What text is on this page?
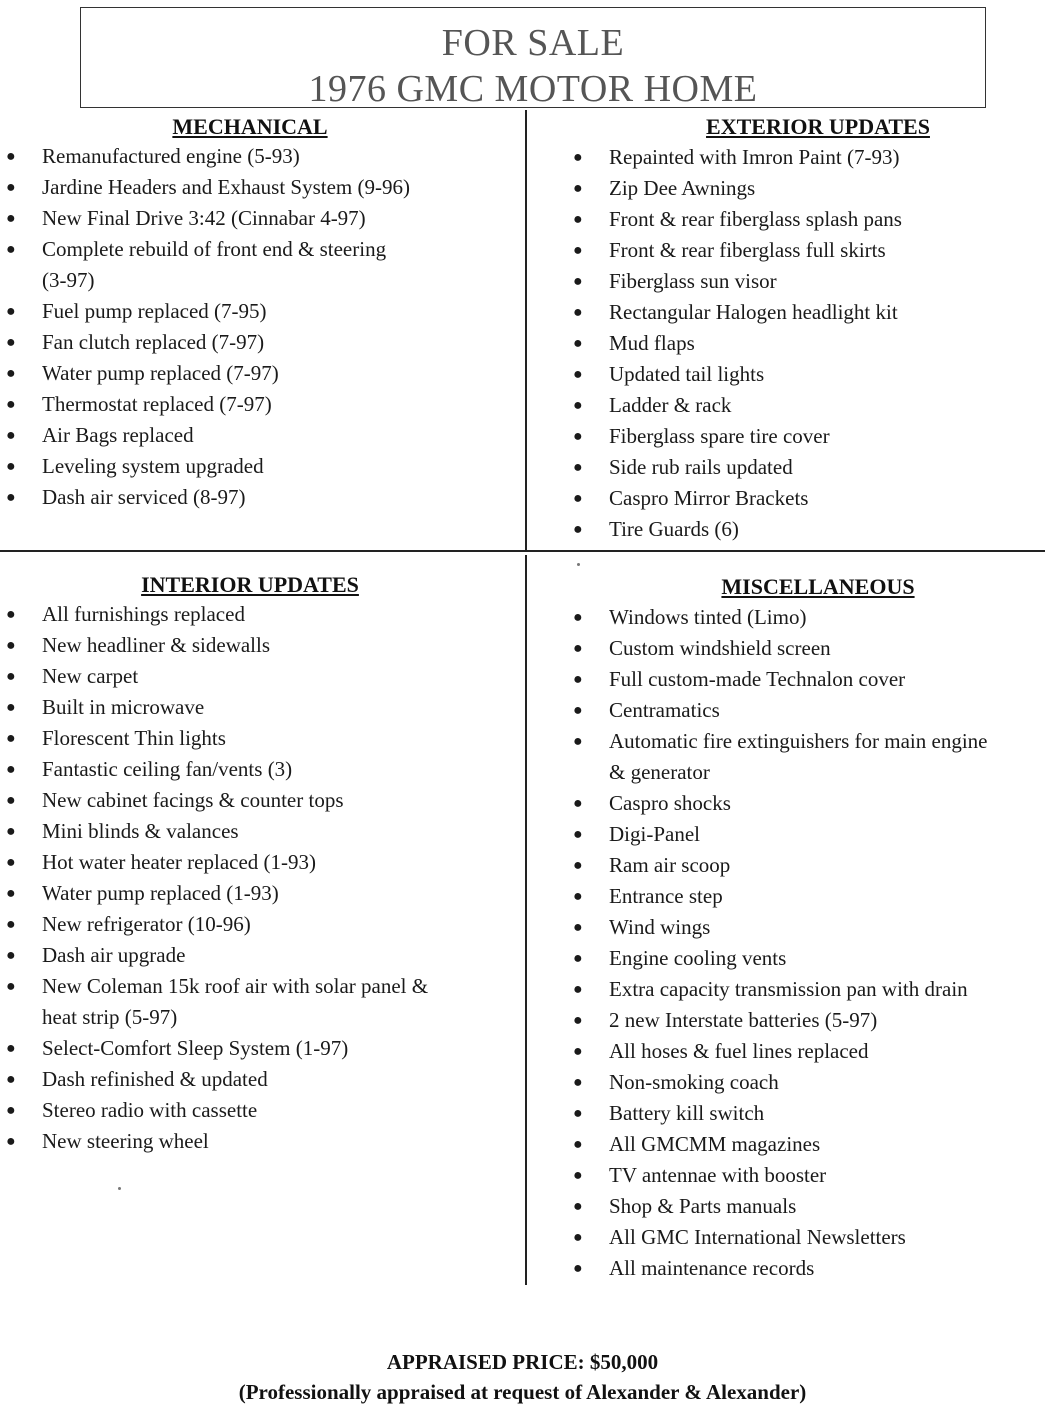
FOR SALE
1976 GMC MOTOR HOME
MECHANICAL
● Remanufactured engine (5-93)
● Jardine Headers and Exhaust System (9-96)
● New Final Drive 3:42 (Cinnabar 4-97)
● Complete rebuild of front end & steering
(3-97)
● Fuel pump replaced (7-95)
● Fan clutch replaced (7-97)
● Water pump replaced (7-97)
● Thermostat replaced (7-97)
● Air Bags replaced
● Leveling system upgraded
● Dash air serviced (8-97)
EXTERIOR UPDATES
● Repainted with Imron Paint (7-93)
● Zip Dee Awnings
● Front & rear fiberglass splash pans
● Front & rear fiberglass full skirts
● Fiberglass sun visor
● Rectangular Halogen headlight kit
● Mud flaps
● Updated tail lights
● Ladder & rack
● Fiberglass spare tire cover
● Side rub rails updated
● Caspro Mirror Brackets
● Tire Guards (6)
INTERIOR UPDATES
● All furnishings replaced
● New headliner & sidewalls
● New carpet
● Built in microwave
● Florescent Thin lights
● Fantastic ceiling fan/vents (3)
● New cabinet facings & counter tops
● Mini blinds & valances
● Hot water heater replaced (1-93)
● Water pump replaced (1-93)
● New refrigerator (10-96)
● Dash air upgrade
● New Coleman 15k roof air with solar panel &
heat strip (5-97)
● Select-Comfort Sleep System (1-97)
● Dash refinished & updated
● Stereo radio with cassette
● New steering wheel
MISCELLANEOUS
● Windows tinted (Limo)
● Custom windshield screen
● Full custom-made Technalon cover
● Centramatics
● Automatic fire extinguishers for main engine
& generator
● Caspro shocks
● Digi-Panel
● Ram air scoop
● Entrance step
● Wind wings
● Engine cooling vents
● Extra capacity transmission pan with drain
● 2 new Interstate batteries (5-97)
● All hoses & fuel lines replaced
● Non-smoking coach
● Battery kill switch
● All GMCMM magazines
● TV antennae with booster
● Shop & Parts manuals
● All GMC International Newsletters
● All maintenance records
APPRAISED PRICE: $50,000
(Professionally appraised at request of Alexander & Alexander)
